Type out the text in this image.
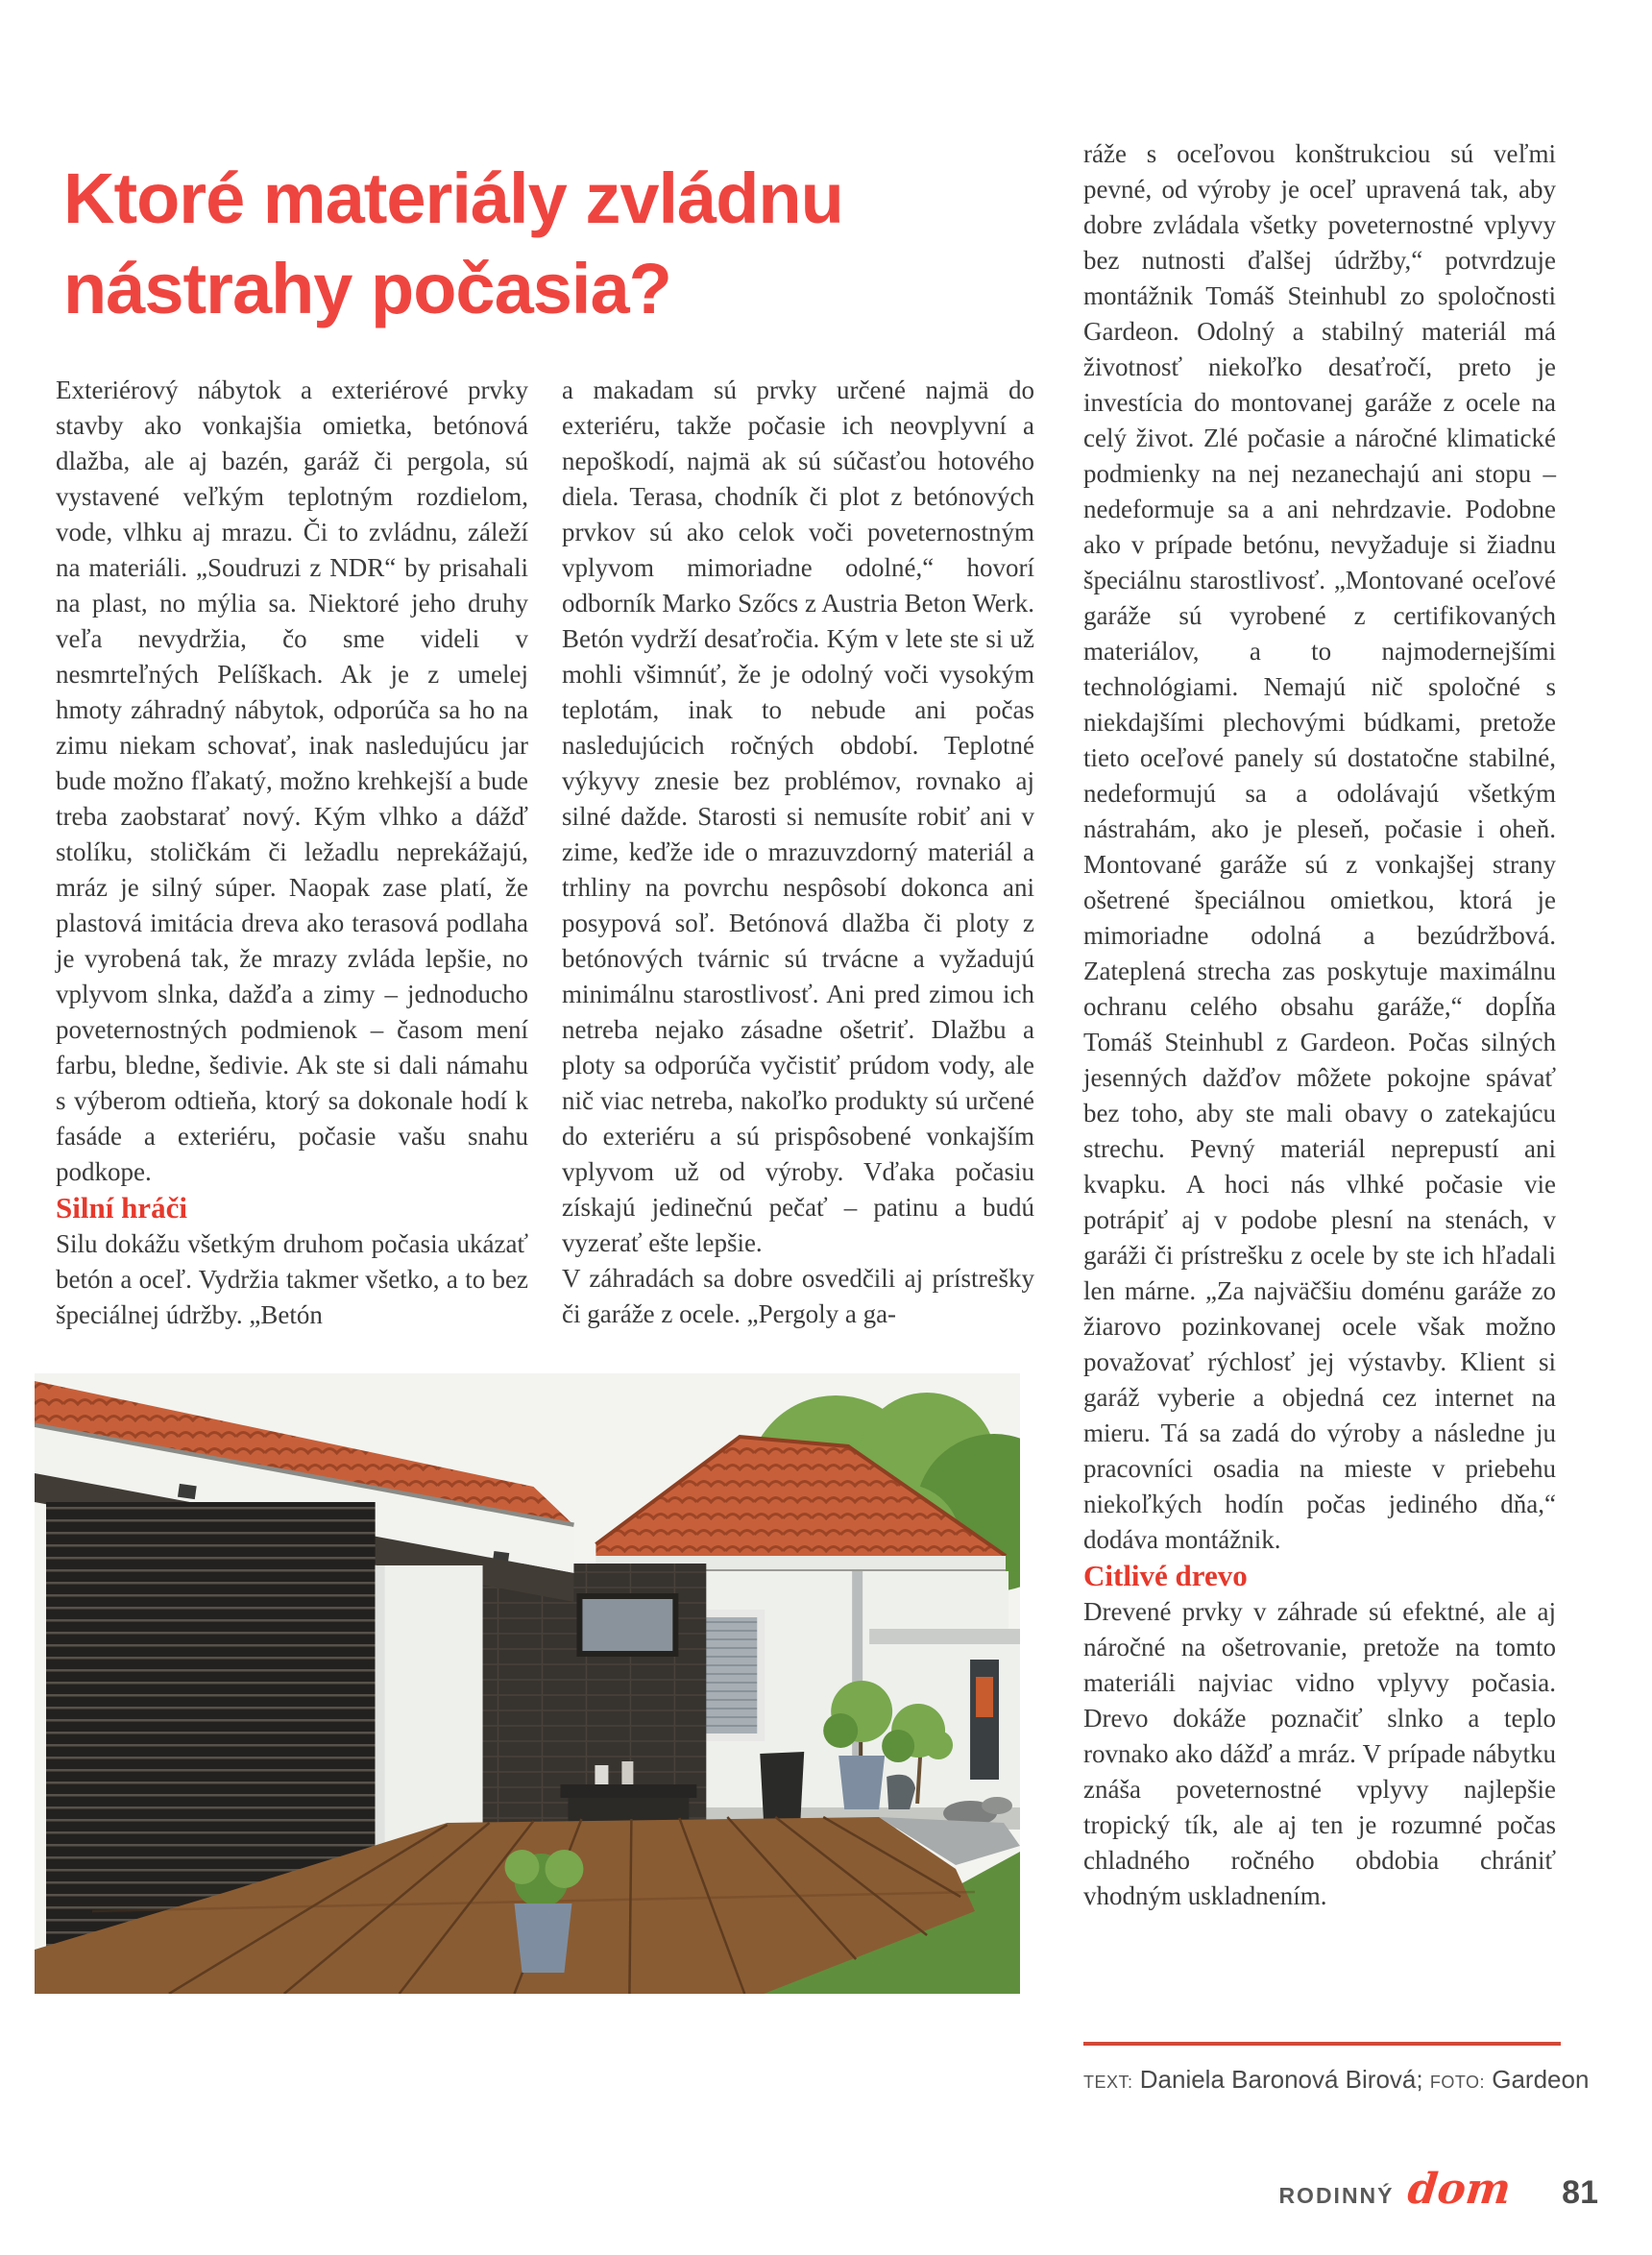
Ktoré materiály zvládnu
nástrahy počasia?

Exteriérový nábytok a exteriérové prvky stavby ako vonkajšia omietka, betónová dlažba, ale aj bazén, garáž či pergola, sú vystavené veľkým teplotným rozdielom, vode, vlhku aj mrazu. Či to zvládnu, záleží na materiáli. „Soudruzi z NDR“ by prisahali na plast, no mýlia sa. Niektoré jeho druhy veľa nevydržia, čo sme videli v nesmrteľných Pelíškach. Ak je z umelej hmoty záhradný nábytok, odporúča sa ho na zimu niekam schovať, inak nasledujúcu jar bude možno fľakatý, možno krehkejší a bude treba zaobstarať nový. Kým vlhko a dážď stolíku, stoličkám či ležadlu neprekážajú, mráz je silný súper. Naopak zase platí, že plastová imitácia dreva ako terasová podlaha je vyrobená tak, že mrazy zvláda lepšie, no vplyvom slnka, dažďa a zimy – jednoducho poveternostných podmienok – časom mení farbu, bledne, šedivie. Ak ste si dali námahu s výberom odtieňa, ktorý sa dokonale hodí k fasáde a exteriéru, počasie vašu snahu podkope.

Silní hráči

Silu dokážu všetkým druhom počasia ukázať betón a oceľ. Vydržia takmer všetko, a to bez špeciálnej údržby. „Betón

a makadam sú prvky určené najmä do exteriéru, takže počasie ich neovplyvní a nepoškodí, najmä ak sú súčasťou hotového diela. Terasa, chodník či plot z betónových prvkov sú ako celok voči poveternostným vplyvom mimoriadne odolné,“ hovorí odborník Marko Szőcs z Austria Beton Werk. Betón vydrží desaťročia. Kým v lete ste si už mohli všimnúť, že je odolný voči vysokým teplotám, inak to nebude ani počas nasledujúcich ročných období. Teplotné výkyvy znesie bez problémov, rovnako aj silné dažde. Starosti si nemusíte robiť ani v zime, keďže ide o mrazuvzdorný materiál a trhliny na povrchu nespôsobí dokonca ani posypová soľ. Betónová dlažba či ploty z betónových tvárnic sú trvácne a vyžadujú minimálnu starostlivosť. Ani pred zimou ich netreba nejako zásadne ošetriť. Dlažbu a ploty sa odporúča vyčistiť prúdom vody, ale nič viac netreba, nakoľko produkty sú určené do exteriéru a sú prispôsobené vonkajším vplyvom už od výroby. Vďaka počasiu získajú jedinečnú pečať – patinu a budú vyzerať ešte lepšie.

V záhradách sa dobre osvedčili aj prístrešky či garáže z ocele. „Pergoly a ga-

ráže s oceľovou konštrukciou sú veľmi pevné, od výroby je oceľ upravená tak, aby dobre zvládala všetky poveternostné vplyvy bez nutnosti ďalšej údržby,“ potvrdzuje montážnik Tomáš Steinhubl zo spoločnosti Gardeon. Odolný a stabilný materiál má životnosť niekoľko desaťročí, preto je investícia do montovanej garáže z ocele na celý život. Zlé počasie a náročné klimatické podmienky na nej nezanechajú ani stopu – nedeformuje sa a ani nehrdzavie. Podobne ako v prípade betónu, nevyžaduje si žiadnu špeciálnu starostlivosť. „Montované oceľové garáže sú vyrobené z certifikovaných materiálov, a to najmodernejšími technológiami. Nemajú nič spoločné s niekdajšími plechovými búdkami, pretože tieto oceľové panely sú dostatočne stabilné, nedeformujú sa a odolávajú všetkým nástrahám, ako je pleseň, počasie i oheň. Montované garáže sú z vonkajšej strany ošetrené špeciálnou omietkou, ktorá je mimoriadne odolná a bezúdržbová. Zateplená strecha zas poskytuje maximálnu ochranu celého obsahu garáže,“ dopĺňa Tomáš Steinhubl z Gardeon. Počas silných jesenných dažďov môžete pokojne spávať bez toho, aby ste mali obavy o zatekajúcu strechu. Pevný materiál neprepustí ani kvapku. A hoci nás vlhké počasie vie potrápiť aj v podobe plesní na stenách, v garáži či prístrešku z ocele by ste ich hľadali len márne. „Za najväčšiu doménu garáže zo žiarovo pozinkovanej ocele však možno považovať rýchlosť jej výstavby. Klient si garáž vyberie a objedná cez internet na mieru. Tá sa zadá do výroby a následne ju pracovníci osadia na mieste v priebehu niekoľkých hodín počas jediného dňa,“ dodáva montážnik.

Citlivé drevo

Drevené prvky v záhrade sú efektné, ale aj náročné na ošetrovanie, pretože na tomto materiáli najviac vidno vplyvy počasia. Drevo dokáže poznačiť slnko a teplo rovnako ako dážď a mráz. V prípade nábytku znáša poveternostné vplyvy najlepšie tropický tík, ale aj ten je rozumné počas chladného ročného obdobia chrániť vhodným uskladnením.

TEXT: Daniela Baronová Birová; FOTO: Gardeon
RODINNÝ dom 81
